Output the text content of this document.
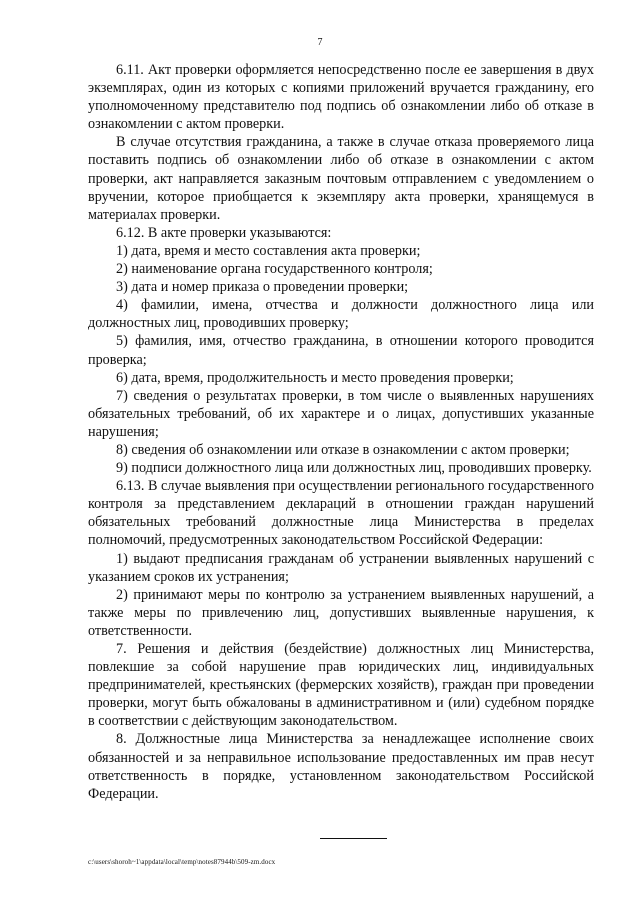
7

6.11. Акт проверки оформляется непосредственно после ее завершения в двух экземплярах, один из которых с копиями приложений вручается гражданину, его уполномоченному представителю под подпись об ознакомлении либо об отказе в ознакомлении с актом проверки.

В случае отсутствия гражданина, а также в случае отказа проверяемого лица поставить подпись об ознакомлении либо об отказе в ознакомлении с актом проверки, акт направляется заказным почтовым отправлением с уведомлением о вручении, которое приобщается к экземпляру акта проверки, хранящемуся в материалах проверки.

6.12. В акте проверки указываются:

1) дата, время и место составления акта проверки;

2) наименование органа государственного контроля;

3) дата и номер приказа о проведении проверки;

4) фамилии, имена, отчества и должности должностного лица или должностных лиц, проводивших проверку;

5) фамилия, имя, отчество гражданина, в отношении которого проводится проверка;

6) дата, время, продолжительность и место проведения проверки;

7) сведения о результатах проверки, в том числе о выявленных нарушениях обязательных требований, об их характере и о лицах, допустивших указанные нарушения;

8) сведения об ознакомлении или отказе в ознакомлении с актом проверки;

9) подписи должностного лица или должностных лиц, проводивших проверку.

6.13. В случае выявления при осуществлении регионального государственного контроля за представлением деклараций в отношении граждан нарушений обязательных требований должностные лица Министерства в пределах полномочий, предусмотренных законодательством Российской Федерации:

1) выдают предписания гражданам об устранении выявленных нарушений с указанием сроков их устранения;

2) принимают меры по контролю за устранением выявленных нарушений, а также меры по привлечению лиц, допустивших выявленные нарушения, к ответственности.

7. Решения и действия (бездействие) должностных лиц Министерства, повлекшие за собой нарушение прав юридических лиц, индивидуальных предпринимателей, крестьянских (фермерских хозяйств), граждан при проведении проверки, могут быть обжалованы в административном и (или) судебном порядке в соответствии с действующим законодательством.

8. Должностные лица Министерства за ненадлежащее исполнение своих обязанностей и за неправильное использование предоставленных им прав несут ответственность в порядке, установленном законодательством Российской Федерации.

c:\users\shoroh~1\appdata\local\temp\notes87944b\509-zm.docx
